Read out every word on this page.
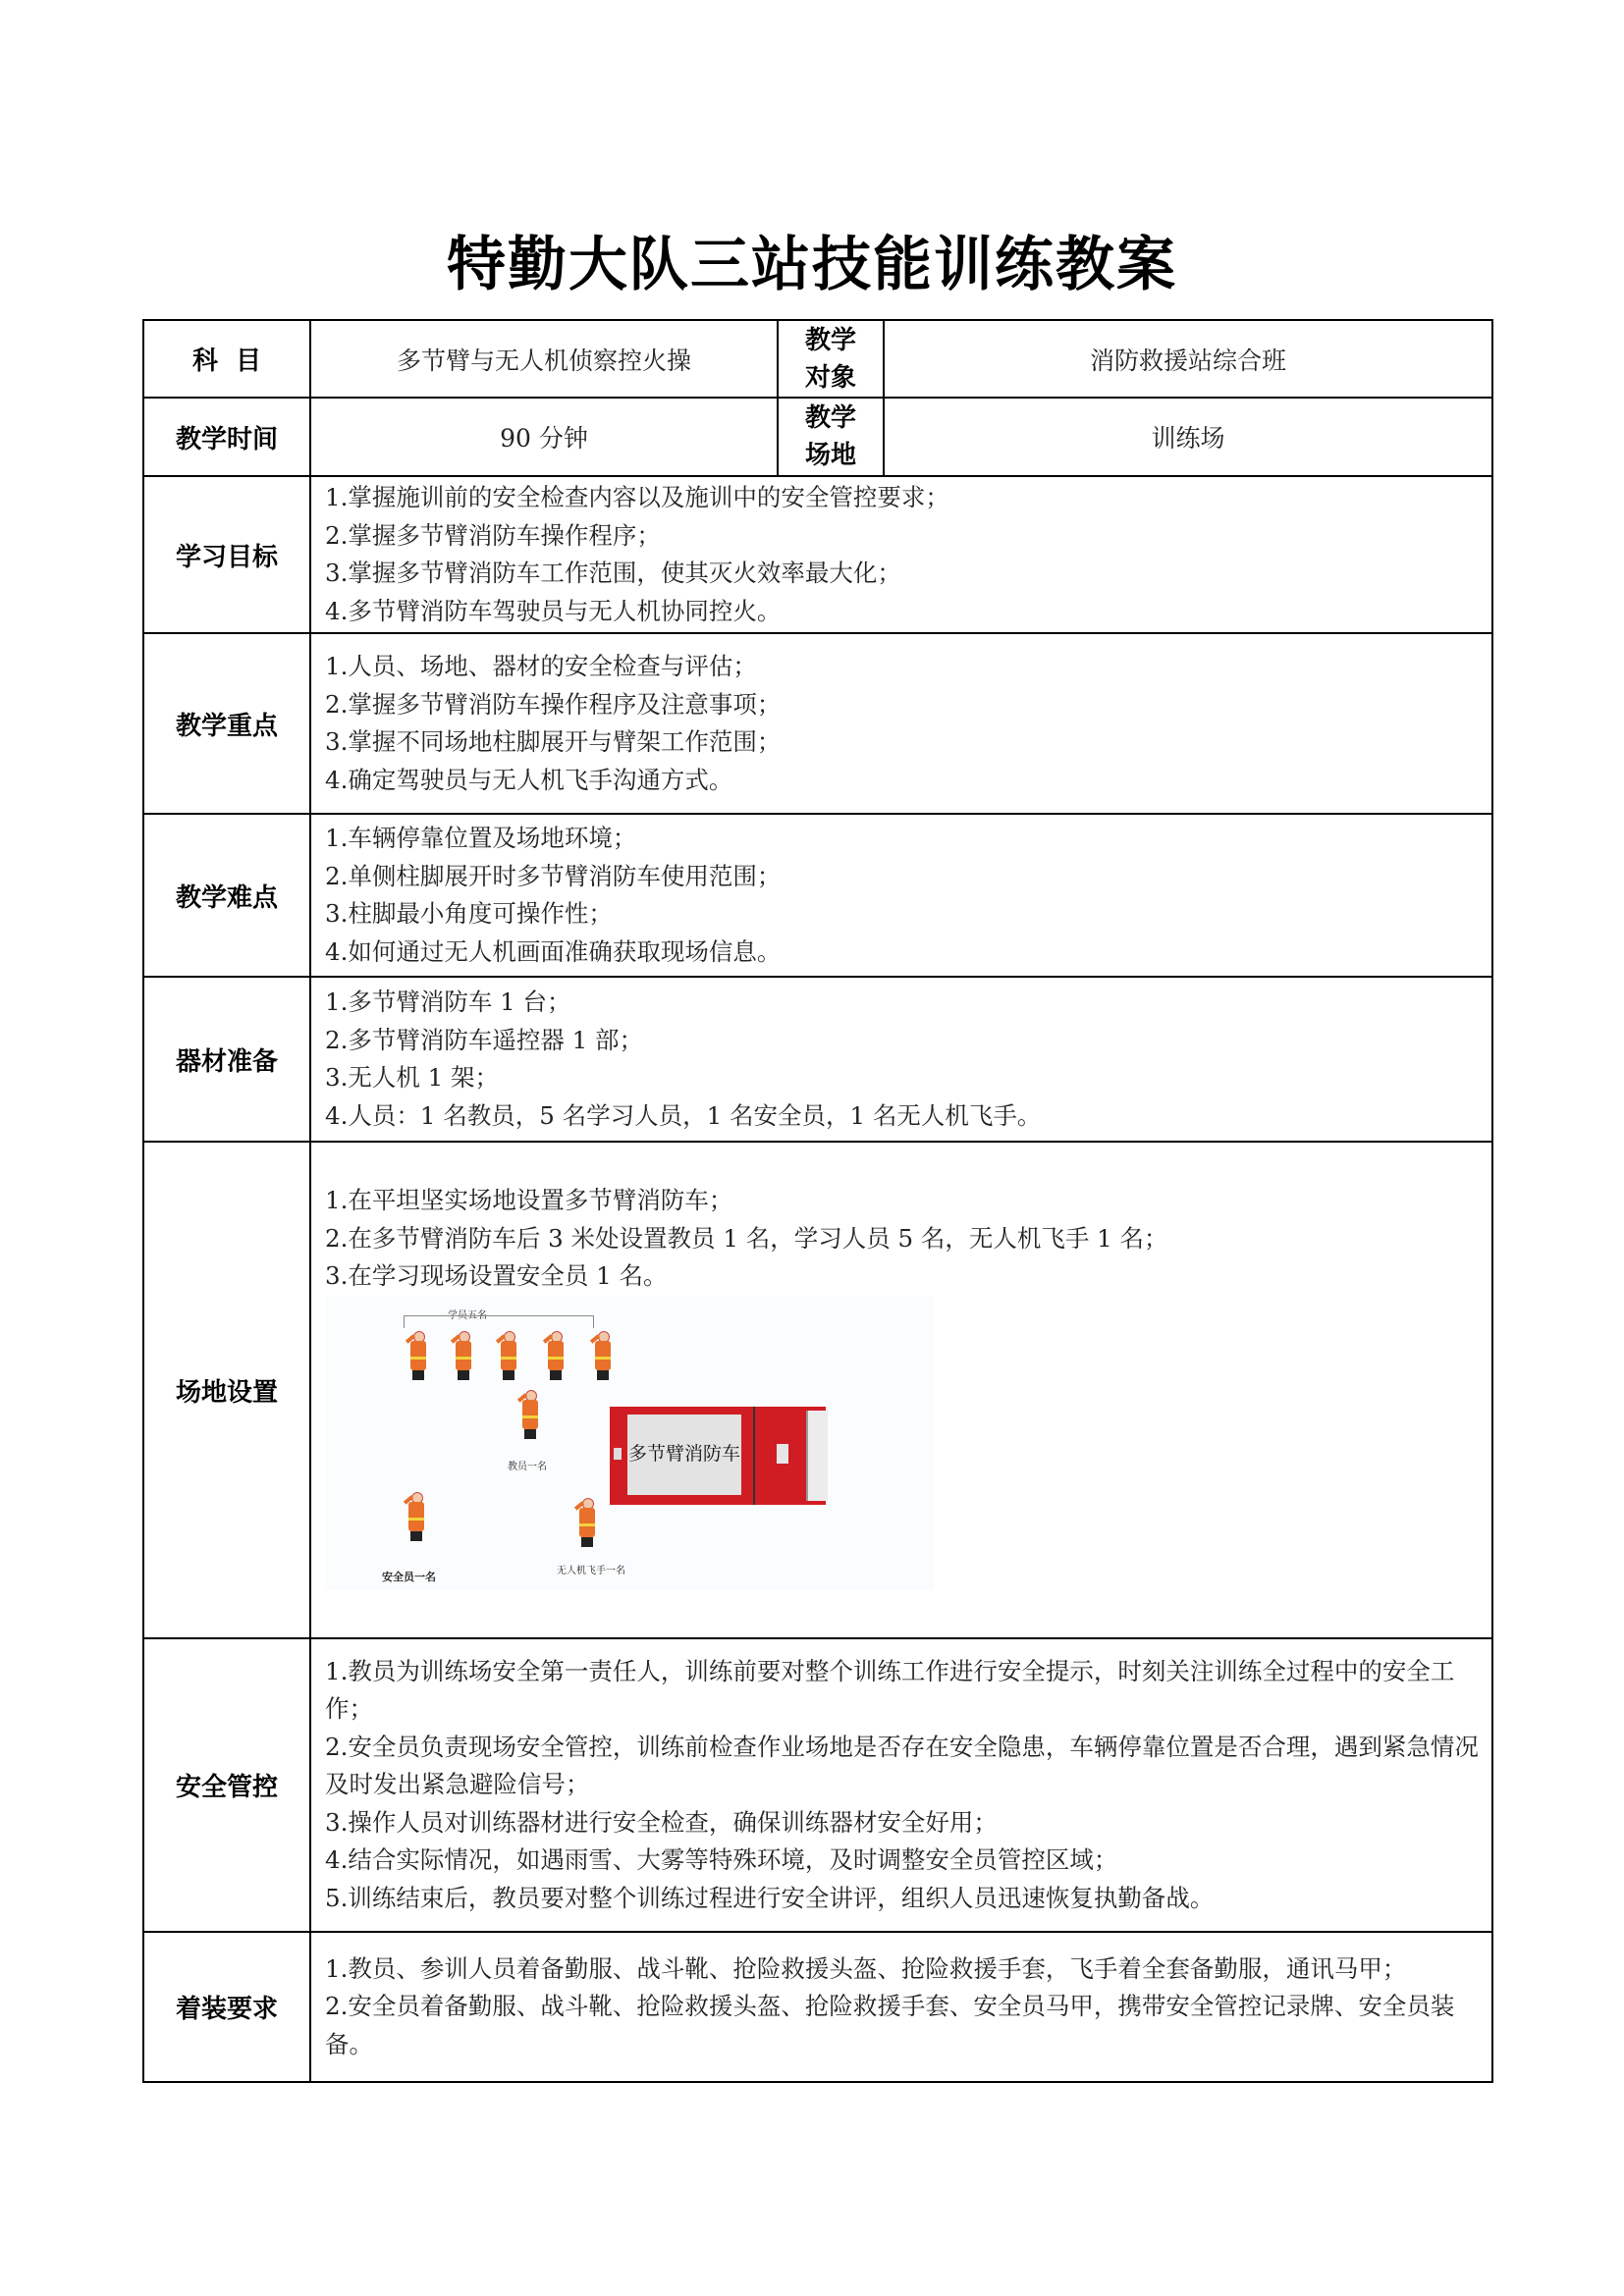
特勤大队三站技能训练教案
科  目	多节臂与无人机侦察控火操	教学对象	消防救援站综合班
教学时间	90 分钟	教学场地	训练场
学习目标	1.掌握施训前的安全检查内容以及施训中的安全管控要求；
2.掌握多节臂消防车操作程序；
3.掌握多节臂消防车工作范围，使其灭火效率最大化；
4.多节臂消防车驾驶员与无人机协同控火。		

教学重点	1.人员、场地、器材的安全检查与评估；
2.掌握多节臂消防车操作程序及注意事项；
3.掌握不同场地柱脚展开与臂架工作范围；
4.确定驾驶员与无人机飞手沟通方式。		

教学难点	1.车辆停靠位置及场地环境；
2.单侧柱脚展开时多节臂消防车使用范围；
3.柱脚最小角度可操作性；
4.如何通过无人机画面准确获取现场信息。		

器材准备	1.多节臂消防车 1 台；
2.多节臂消防车遥控器 1 部；
3.无人机 1 架；
4.人员：1 名教员，5 名学习人员，1 名安全员，1 名无人机飞手。		

场地设置	
1.在平坦坚实场地设置多节臂消防车；
2.在多节臂消防车后 3 米处设置教员 1 名，学习人员 5 名，无人机飞手 1 名；
3.在学习现场设置安全员 1 名。
学员五名
教员一名
安全员一名	无人机飞手一名
多节臂消防车

安全管控	1.教员为训练场安全第一责任人，训练前要对整个训练工作进行安全提示，时刻关注训练全过程中的安全工作；
2.安全员负责现场安全管控，训练前检查作业场地是否存在安全隐患，车辆停靠位置是否合理，遇到紧急情况及时发出紧急避险信号；
3.操作人员对训练器材进行安全检查，确保训练器材安全好用；
4.结合实际情况，如遇雨雪、大雾等特殊环境，及时调整安全员管控区域；
5.训练结束后，教员要对整个训练过程进行安全讲评，组织人员迅速恢复执勤备战。		

着装要求	1.教员、参训人员着备勤服、战斗靴、抢险救援头盔、抢险救援手套，飞手着全套备勤服，通讯马甲；
2.安全员着备勤服、战斗靴、抢险救援头盔、抢险救援手套、安全员马甲，携带安全管控记录牌、安全员装备。		
